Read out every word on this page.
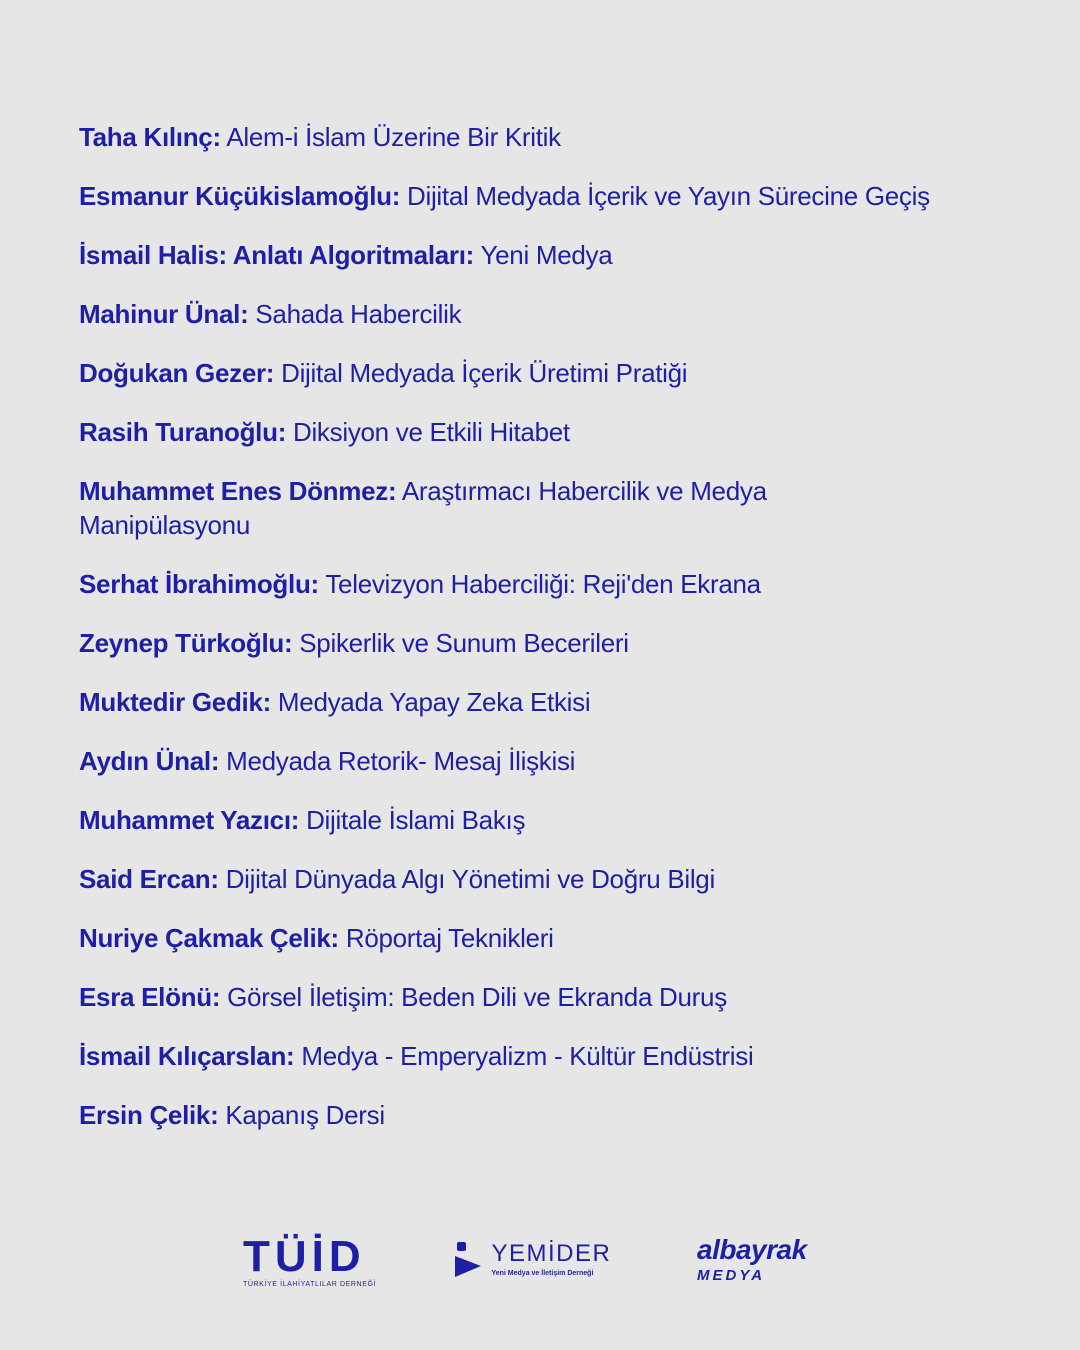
Taha Kılınç: Alem-i İslam Üzerine Bir Kritik
Esmanur Küçükislamoğlu: Dijital Medyada İçerik ve Yayın Sürecine Geçiş
İsmail Halis: Anlatı Algoritmaları: Yeni Medya
Mahinur Ünal: Sahada Habercilik
Doğukan Gezer: Dijital Medyada İçerik Üretimi Pratiği
Rasih Turanoğlu: Diksiyon ve Etkili Hitabet
Muhammet Enes Dönmez: Araştırmacı Habercilik ve Medya Manipülasyonu
Serhat İbrahimoğlu: Televizyon Haberciliği: Reji'den Ekrana
Zeynep Türkoğlu: Spikerlik ve Sunum Becerileri
Muktedir Gedik: Medyada Yapay Zeka Etkisi
Aydın Ünal: Medyada Retorik- Mesaj İlişkisi
Muhammet Yazıcı: Dijitale İslami Bakış
Said Ercan: Dijital Dünyada Algı Yönetimi ve Doğru Bilgi
Nuriye Çakmak Çelik: Röportaj Teknikleri
Esra Elönü: Görsel İletişim: Beden Dili ve Ekranda Duruş
İsmail Kılıçarslan: Medya - Emperyalizm - Kültür Endüstrisi
Ersin Çelik: Kapanış Dersi
TÜİD
TÜRKİYE İLAHİYATLILAR DERNEĞİ

YEMİDER
Yeni Medya ve İletişim Derneği
albayrak
MEDYA
